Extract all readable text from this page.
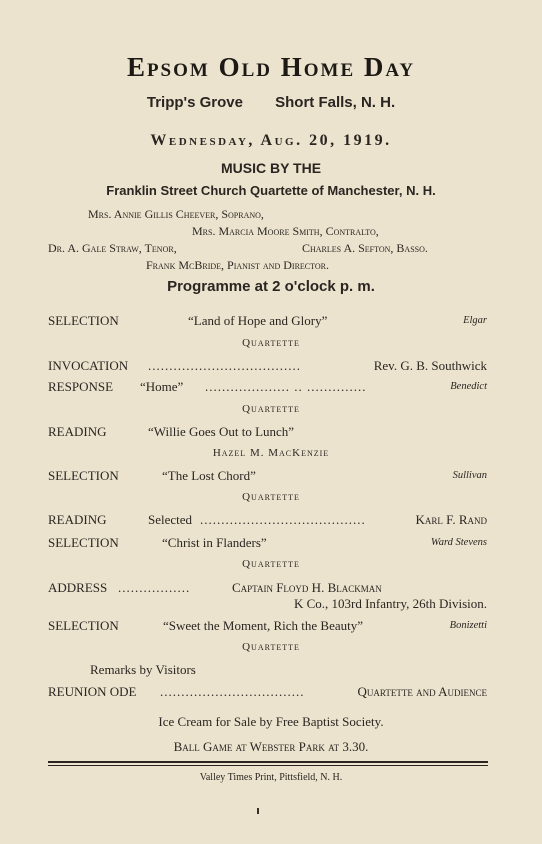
Epsom Old Home Day
Tripp's Grove Short Falls, N. H.
Wednesday, Aug. 20, 1919.
MUSIC BY THE
Franklin Street Church Quartette of Manchester, N. H.
Mrs. Annie Gillis Cheever, Soprano,
Mrs. Marcia Moore Smith, Contralto,
Dr. A. Gale Straw, Tenor,	Charles A. Sefton, Basso.
Frank McBride, Pianist and Director.
Programme at 2 o'clock p. m.
SELECTION	“Land of Hope and Glory”	Elgar
Quartette
INVOCATION ....................................	Rev. G. B. Southwick
RESPONSE “Home” .................... .. ..............	Benedict
Quartette
READING	“Willie Goes Out to Lunch”
Hazel M. MacKenzie
SELECTION	“The Lost Chord”	Sullivan
Quartette
READING	Selected .......................................	Karl F. Rand
SELECTION	“Christ in Flanders”	Ward Stevens
Quartette
ADDRESS .................	Captain Floyd H. Blackman
K Co., 103rd Infantry, 26th Division.
SELECTION	“Sweet the Moment, Rich the Beauty”	Bonizetti
Quartette
Remarks by Visitors
REUNION ODE ..................................	Quartette and Audience
Ice Cream for Sale by Free Baptist Society.
Ball Game at Webster Park at 3.30.
Valley Times Print, Pittsfield, N. H.
